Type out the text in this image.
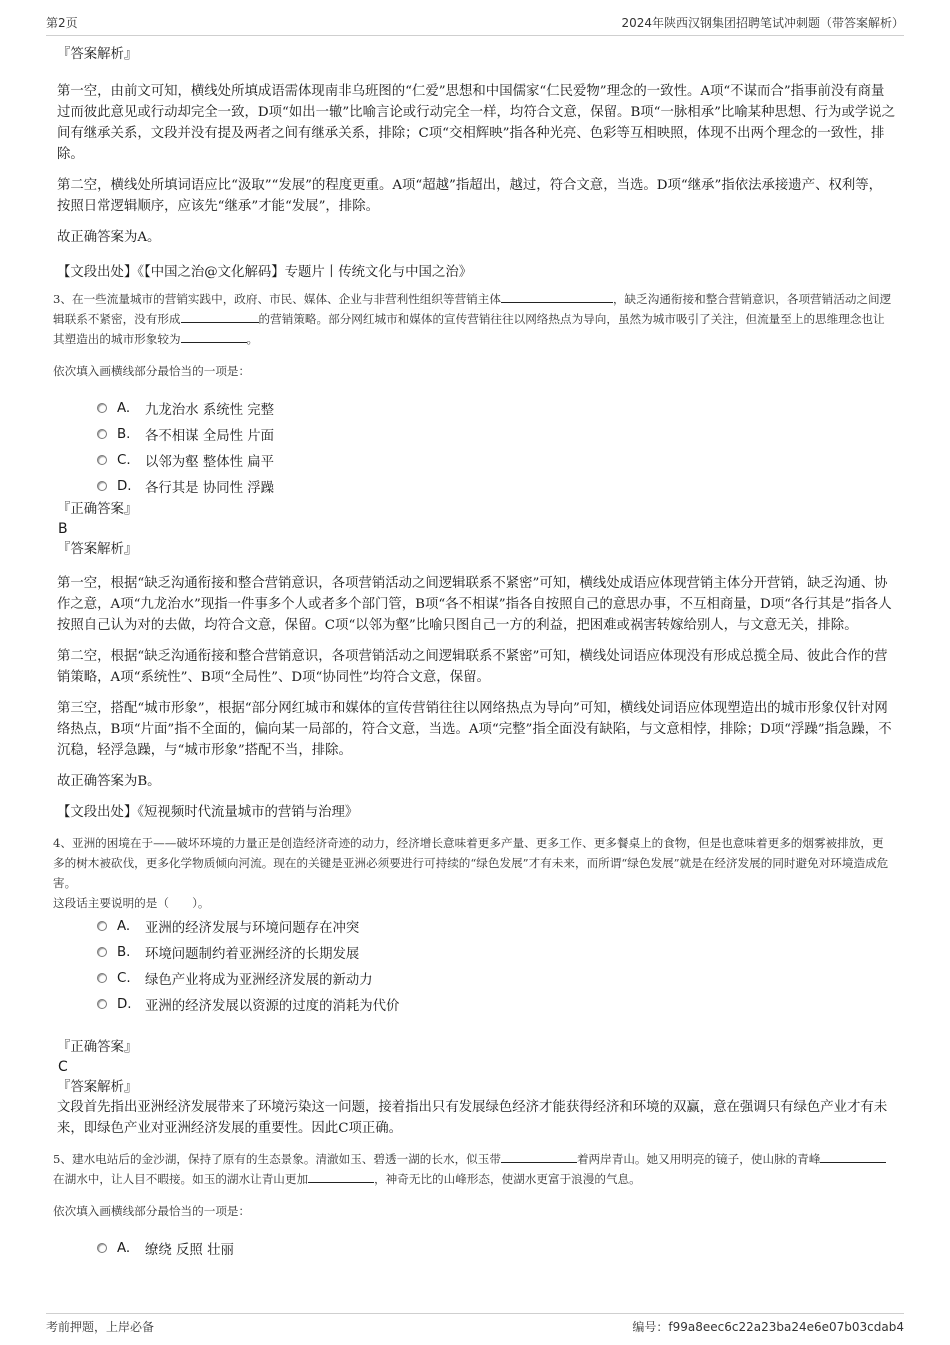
第2页	2024年陕西汉钢集团招聘笔试冲刺题（带答案解析）

『答案解析』

第一空，由前文可知，横线处所填成语需体现南非乌班图的“仁爱”思想和中国儒家“仁民爱物”理念的一致性。A项“不谋而合”指事前没有商量过而彼此意见或行动却完全一致，D项“如出一辙”比喻言论或行动完全一样，均符合文意，保留。B项“一脉相承”比喻某种思想、行为或学说之间有继承关系，文段并没有提及两者之间有继承关系，排除；C项“交相辉映”指各种光亮、色彩等互相映照，体现不出两个理念的一致性，排除。

第二空，横线处所填词语应比“汲取”“发展”的程度更重。A项“超越”指超出，越过，符合文意，当选。D项“继承”指依法承接遗产、权利等，按照日常逻辑顺序，应该先“继承”才能“发展”，排除。

故正确答案为A。

【文段出处】《【中国之治@文化解码】专题片丨传统文化与中国之治》

3、在一些流量城市的营销实践中，政府、市民、媒体、企业与非营利性组织等营销主体	，缺乏沟通衔接和整合营销意识，各项营销活动之间逻辑联系不紧密，没有形成	的营销策略。部分网红城市和媒体的宣传营销往往以网络热点为导向，虽然为城市吸引了关注，但流量至上的思维理念也让其塑造出的城市形象较为	。

依次填入画横线部分最恰当的一项是：

A.	九龙治水 系统性 完整
B.	各不相谋 全局性 片面
C.	以邻为壑 整体性 扁平
D.	各行其是 协同性 浮躁

『正确答案』

B

『答案解析』

第一空，根据“缺乏沟通衔接和整合营销意识，各项营销活动之间逻辑联系不紧密”可知，横线处成语应体现营销主体分开营销，缺乏沟通、协作之意，A项“九龙治水”现指一件事多个人或者多个部门管，B项“各不相谋”指各自按照自己的意思办事，不互相商量，D项“各行其是”指各人按照自己认为对的去做，均符合文意，保留。C项“以邻为壑”比喻只图自己一方的利益，把困难或祸害转嫁给别人，与文意无关，排除。

第二空，根据“缺乏沟通衔接和整合营销意识，各项营销活动之间逻辑联系不紧密”可知，横线处词语应体现没有形成总揽全局、彼此合作的营销策略，A项“系统性”、B项“全局性”、D项“协同性”均符合文意，保留。

第三空，搭配“城市形象”，根据“部分网红城市和媒体的宣传营销往往以网络热点为导向”可知，横线处词语应体现塑造出的城市形象仅针对网络热点，B项“片面”指不全面的，偏向某一局部的，符合文意，当选。A项“完整”指全面没有缺陷，与文意相悖，排除；D项“浮躁”指急躁，不沉稳，轻浮急躁，与“城市形象”搭配不当，排除。

故正确答案为B。

【文段出处】《短视频时代流量城市的营销与治理》

4、亚洲的困境在于——破坏环境的力量正是创造经济奇迹的动力，经济增长意味着更多产量、更多工作、更多餐桌上的食物，但是也意味着更多的烟雾被排放，更多的树木被砍伐，更多化学物质倾向河流。现在的关键是亚洲必须要进行可持续的“绿色发展”才有未来，而所谓“绿色发展”就是在经济发展的同时避免对环境造成危害。

这段话主要说明的是（　　）。

A.	亚洲的经济发展与环境问题存在冲突
B.	环境问题制约着亚洲经济的长期发展
C.	绿色产业将成为亚洲经济发展的新动力
D.	亚洲的经济发展以资源的过度的消耗为代价

『正确答案』

C

『答案解析』

文段首先指出亚洲经济发展带来了环境污染这一问题，接着指出只有发展绿色经济才能获得经济和环境的双赢，意在强调只有绿色产业才有未来，即绿色产业对亚洲经济发展的重要性。因此C项正确。

5、建水电站后的金沙湖，保持了原有的生态景象。清澈如玉、碧透一湖的长水，似玉带	着两岸青山。她又用明亮的镜子，使山脉的青峰在湖水中，让人目不暇接。如玉的湖水让青山更加	，神奇无比的山峰形态，使湖水更富于浪漫的气息。

依次填入画横线部分最恰当的一项是：

A.	缭绕 反照 壮丽
考前押题，上岸必备	编号：f99a8eec6c22a23ba24e6e07b03cdab4
